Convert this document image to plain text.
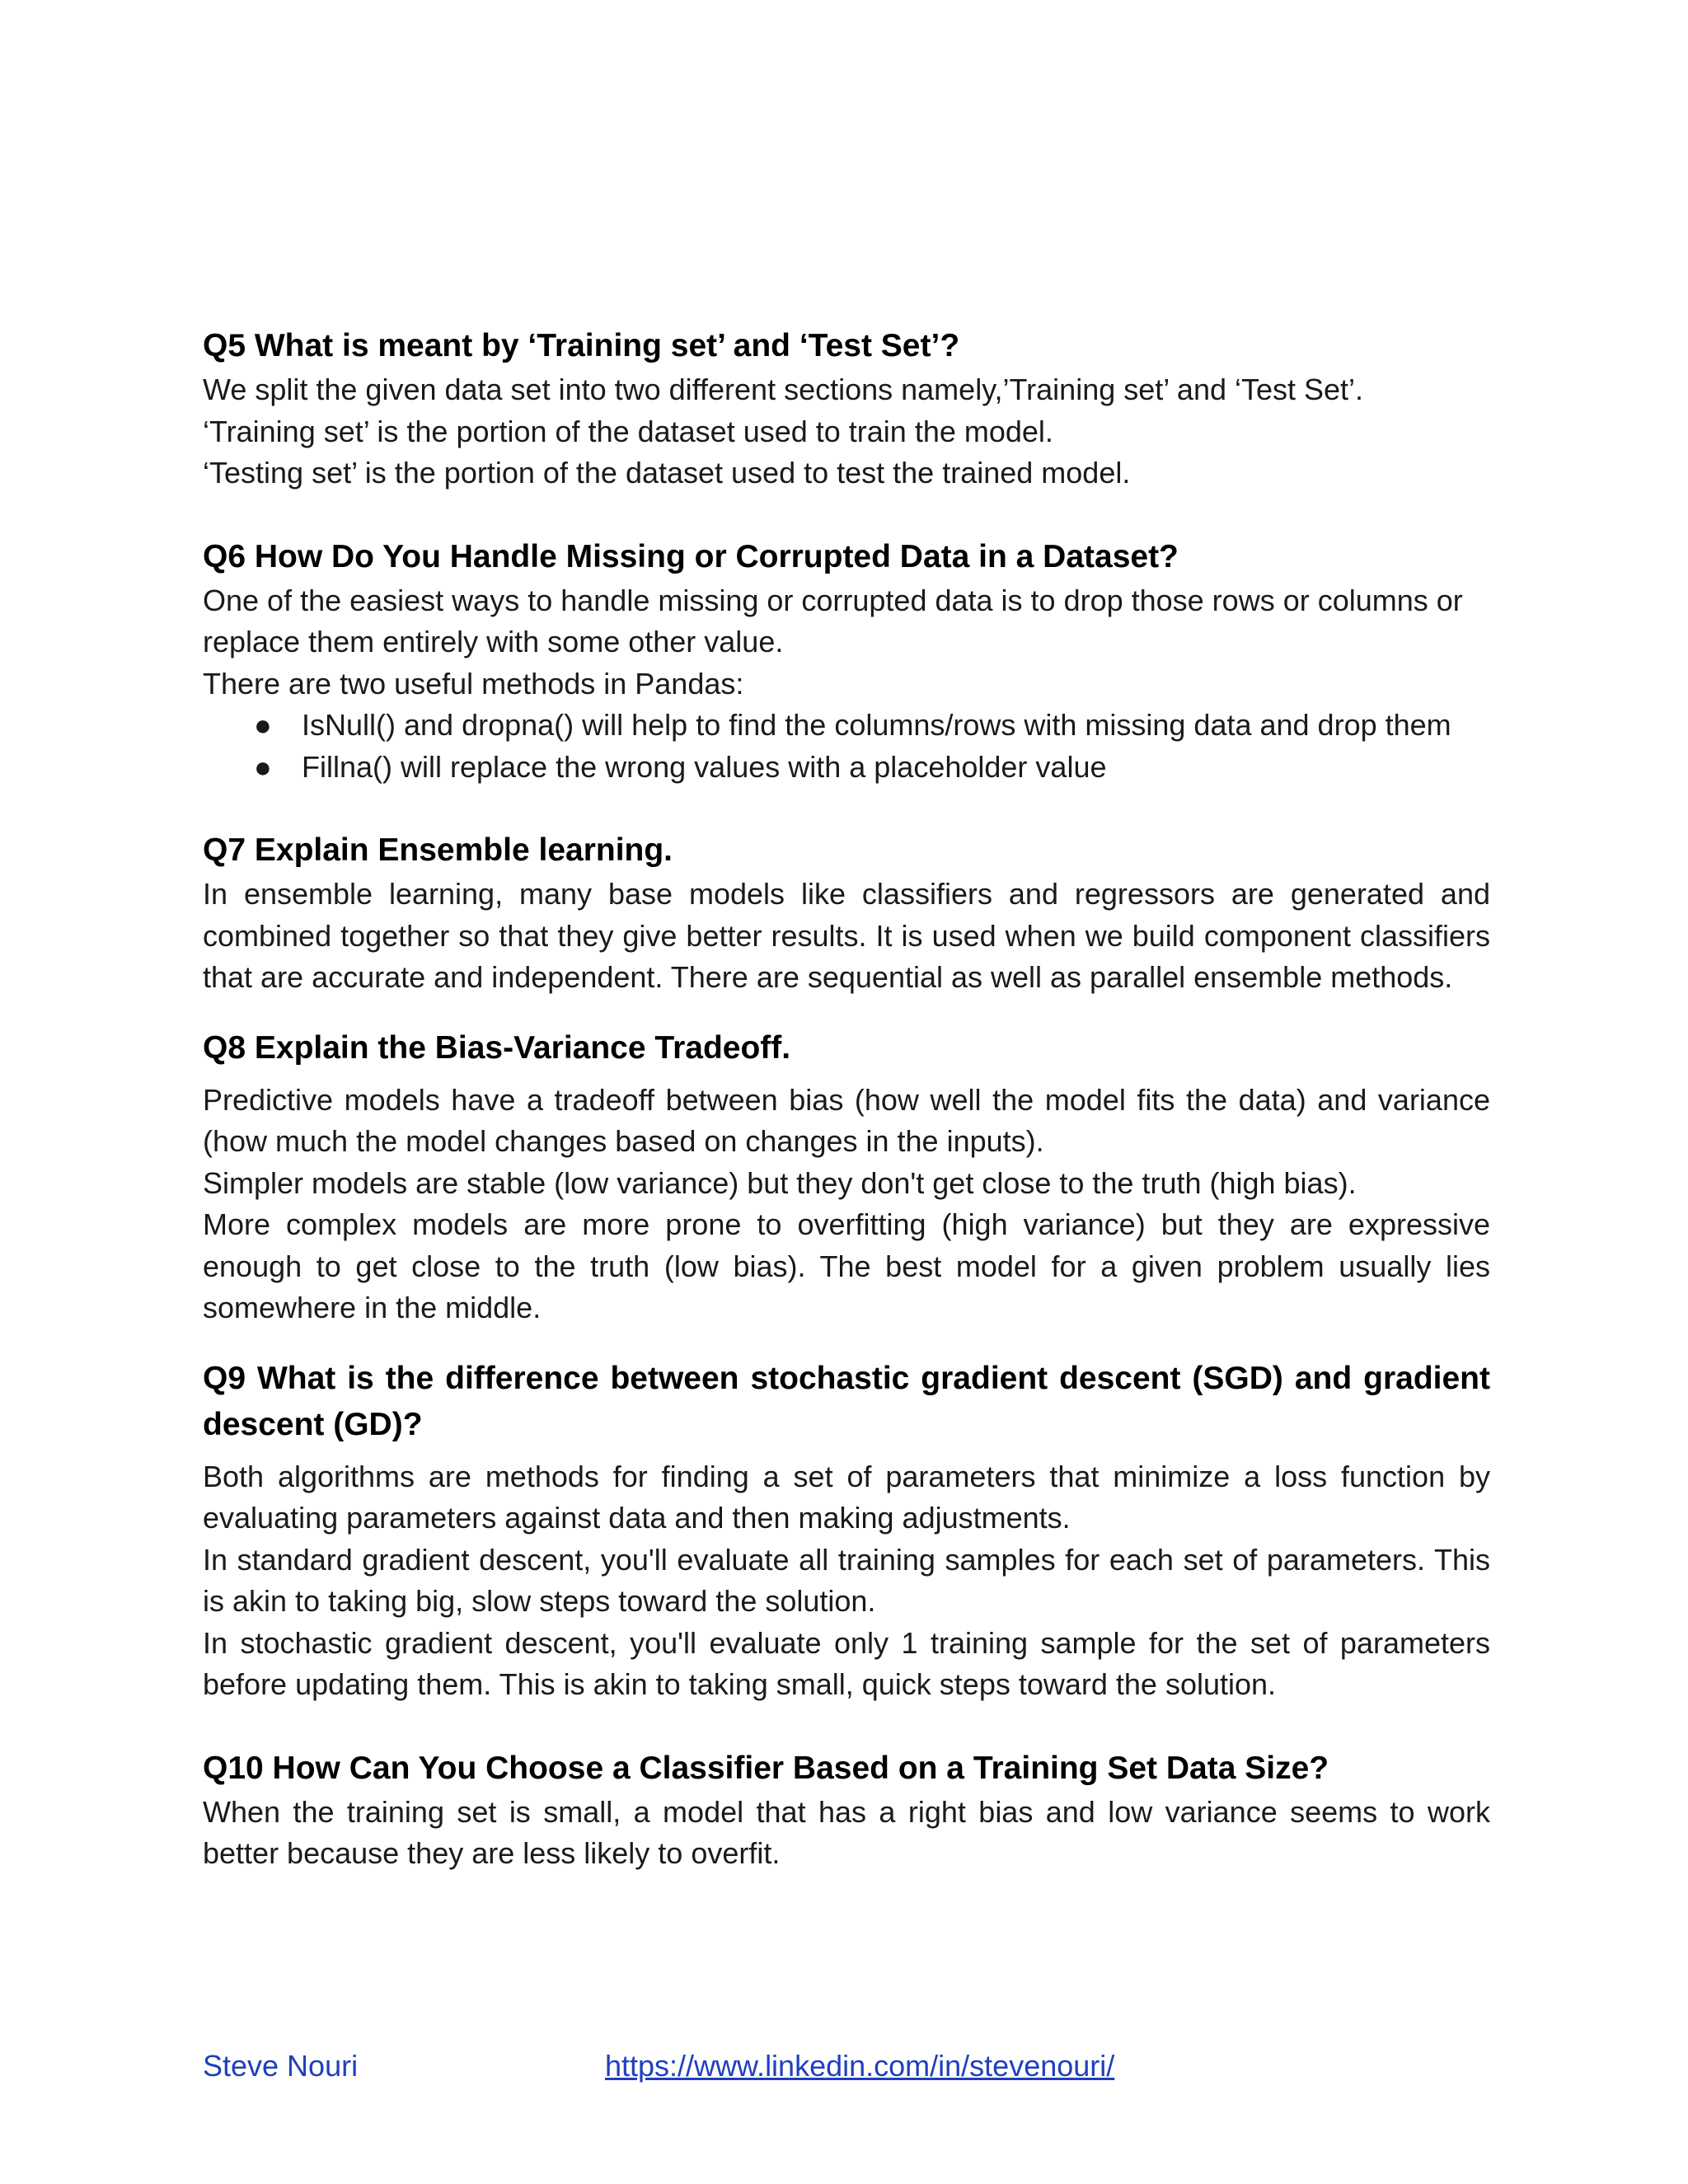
Q5 What is meant by ‘Training set’ and ‘Test Set’?

We split the given data set into two different sections namely,’Training set’ and ‘Test Set’.

‘Training set’ is the portion of the dataset used to train the model.

‘Testing set’ is the portion of the dataset used to test the trained model.

Q6 How Do You Handle Missing or Corrupted Data in a Dataset?

One of the easiest ways to handle missing or corrupted data is to drop those rows or columns or replace them entirely with some other value.

There are two useful methods in Pandas:

● IsNull() and dropna() will help to find the columns/rows with missing data and drop them
● Fillna() will replace the wrong values with a placeholder value
Q7 Explain Ensemble learning.

In ensemble learning, many base models like classifiers and regressors are generated and combined together so that they give better results. It is used when we build component classifiers that are accurate and independent. There are sequential as well as parallel ensemble methods.

Q8 Explain the Bias-Variance Tradeoff.

Predictive models have a tradeoff between bias (how well the model fits the data) and variance (how much the model changes based on changes in the inputs).

Simpler models are stable (low variance) but they don't get close to the truth (high bias).

More complex models are more prone to overfitting (high variance) but they are expressive enough to get close to the truth (low bias). The best model for a given problem usually lies somewhere in the middle.

Q9 What is the difference between stochastic gradient descent (SGD) and gradient descent (GD)?

Both algorithms are methods for finding a set of parameters that minimize a loss function by evaluating parameters against data and then making adjustments.

In standard gradient descent, you'll evaluate all training samples for each set of parameters. This is akin to taking big, slow steps toward the solution.

In stochastic gradient descent, you'll evaluate only 1 training sample for the set of parameters before updating them. This is akin to taking small, quick steps toward the solution.

Q10 How Can You Choose a Classifier Based on a Training Set Data Size?

When the training set is small, a model that has a right bias and low variance seems to work better because they are less likely to overfit.

Steve Nouri	https://www.linkedin.com/in/stevenouri/
